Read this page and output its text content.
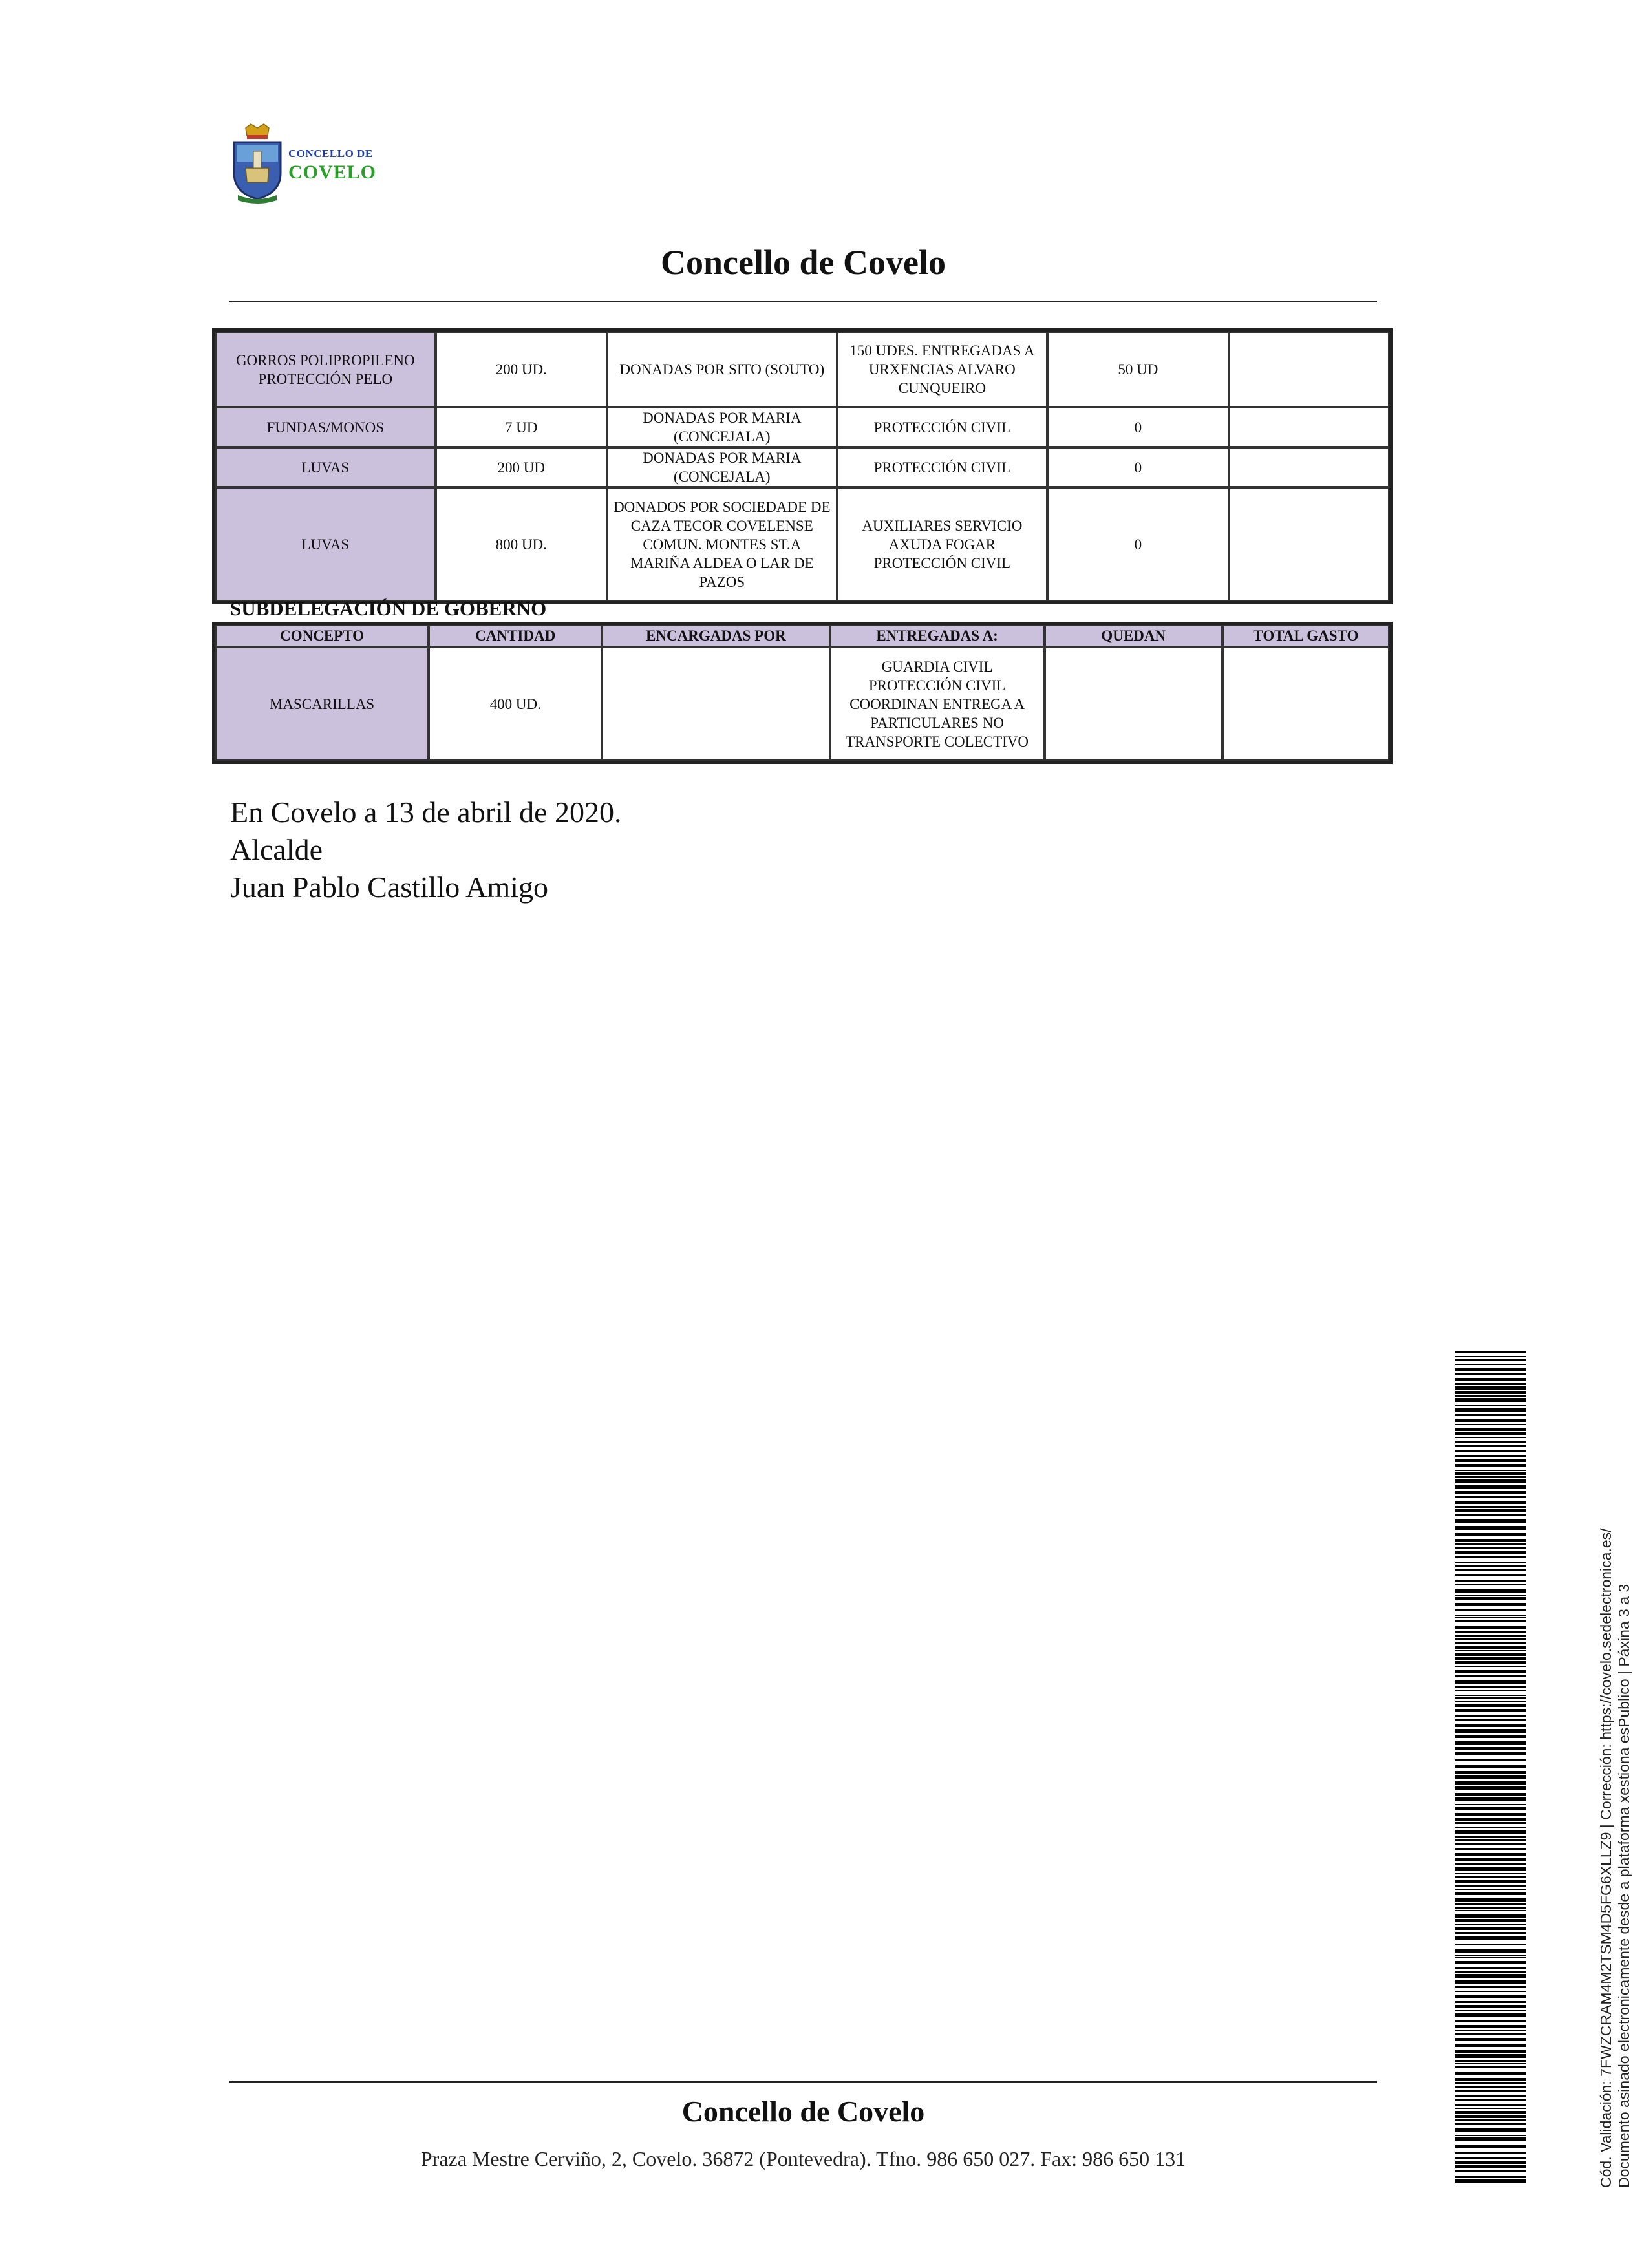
CONCELLO DE
COVELO
Concello de Covelo
GORROS POLIPROPILENO PROTECCIÓN PELO	200 UD.	DONADAS POR SITO (SOUTO)	150 UDES. ENTREGADAS A URXENCIAS ALVARO CUNQUEIRO	50 UD	
FUNDAS/MONOS	7 UD	DONADAS POR MARIA (CONCEJALA)	PROTECCIÓN CIVIL	0	
LUVAS	200 UD	DONADAS POR MARIA (CONCEJALA)	PROTECCIÓN CIVIL	0	
LUVAS	800 UD.	DONADOS POR SOCIEDADE DE CAZA TECOR COVELENSE COMUN. MONTES ST.A MARIÑA ALDEA O LAR DE PAZOS	AUXILIARES SERVICIO AXUDA FOGAR PROTECCIÓN CIVIL	0	
SUBDELEGACIÓN DE GOBERNO
CONCEPTO	CANTIDAD	ENCARGADAS POR	ENTREGADAS A:	QUEDAN	TOTAL GASTO
MASCARILLAS	400 UD.		GUARDIA CIVIL PROTECCIÓN CIVIL COORDINAN ENTREGA A PARTICULARES NO TRANSPORTE COLECTIVO		
En Covelo a 13 de abril de 2020.
Alcalde
Juan Pablo Castillo Amigo
Concello de Covelo
Praza Mestre Cerviño, 2, Covelo. 36872 (Pontevedra). Tfno. 986 650 027. Fax: 986 650 131	Cód. Validación: 7FWZCRAM4M2TSM4D5FG6XLLZ9 | Corrección: https://covelo.sedelectronica.es/ Documento asinado electronicamente desde a plataforma xestiona esPublico | Páxina 3 a 3
